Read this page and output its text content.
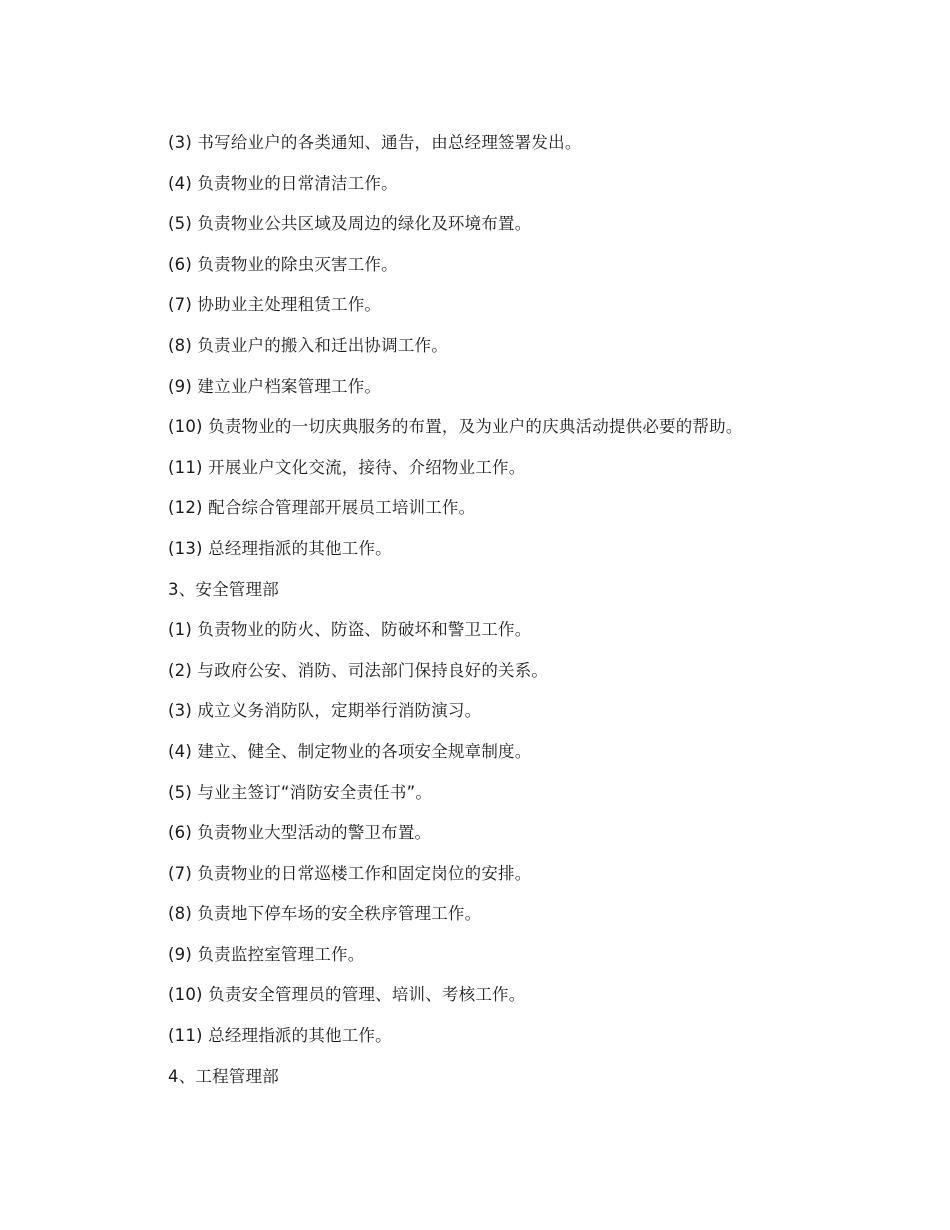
(3) 书写给业户的各类通知、通告，由总经理签署发出。
(4) 负责物业的日常清洁工作。
(5) 负责物业公共区域及周边的绿化及环境布置。
(6) 负责物业的除虫灭害工作。
(7) 协助业主处理租赁工作。
(8) 负责业户的搬入和迁出协调工作。
(9) 建立业户档案管理工作。
(10) 负责物业的一切庆典服务的布置，及为业户的庆典活动提供必要的帮助。
(11) 开展业户文化交流，接待、介绍物业工作。
(12) 配合综合管理部开展员工培训工作。
(13) 总经理指派的其他工作。
3、安全管理部
(1) 负责物业的防火、防盗、防破坏和警卫工作。
(2) 与政府公安、消防、司法部门保持良好的关系。
(3) 成立义务消防队，定期举行消防演习。
(4) 建立、健全、制定物业的各项安全规章制度。
(5) 与业主签订“消防安全责任书”。
(6) 负责物业大型活动的警卫布置。
(7) 负责物业的日常巡楼工作和固定岗位的安排。
(8) 负责地下停车场的安全秩序管理工作。
(9) 负责监控室管理工作。
(10) 负责安全管理员的管理、培训、考核工作。
(11) 总经理指派的其他工作。
4、工程管理部
